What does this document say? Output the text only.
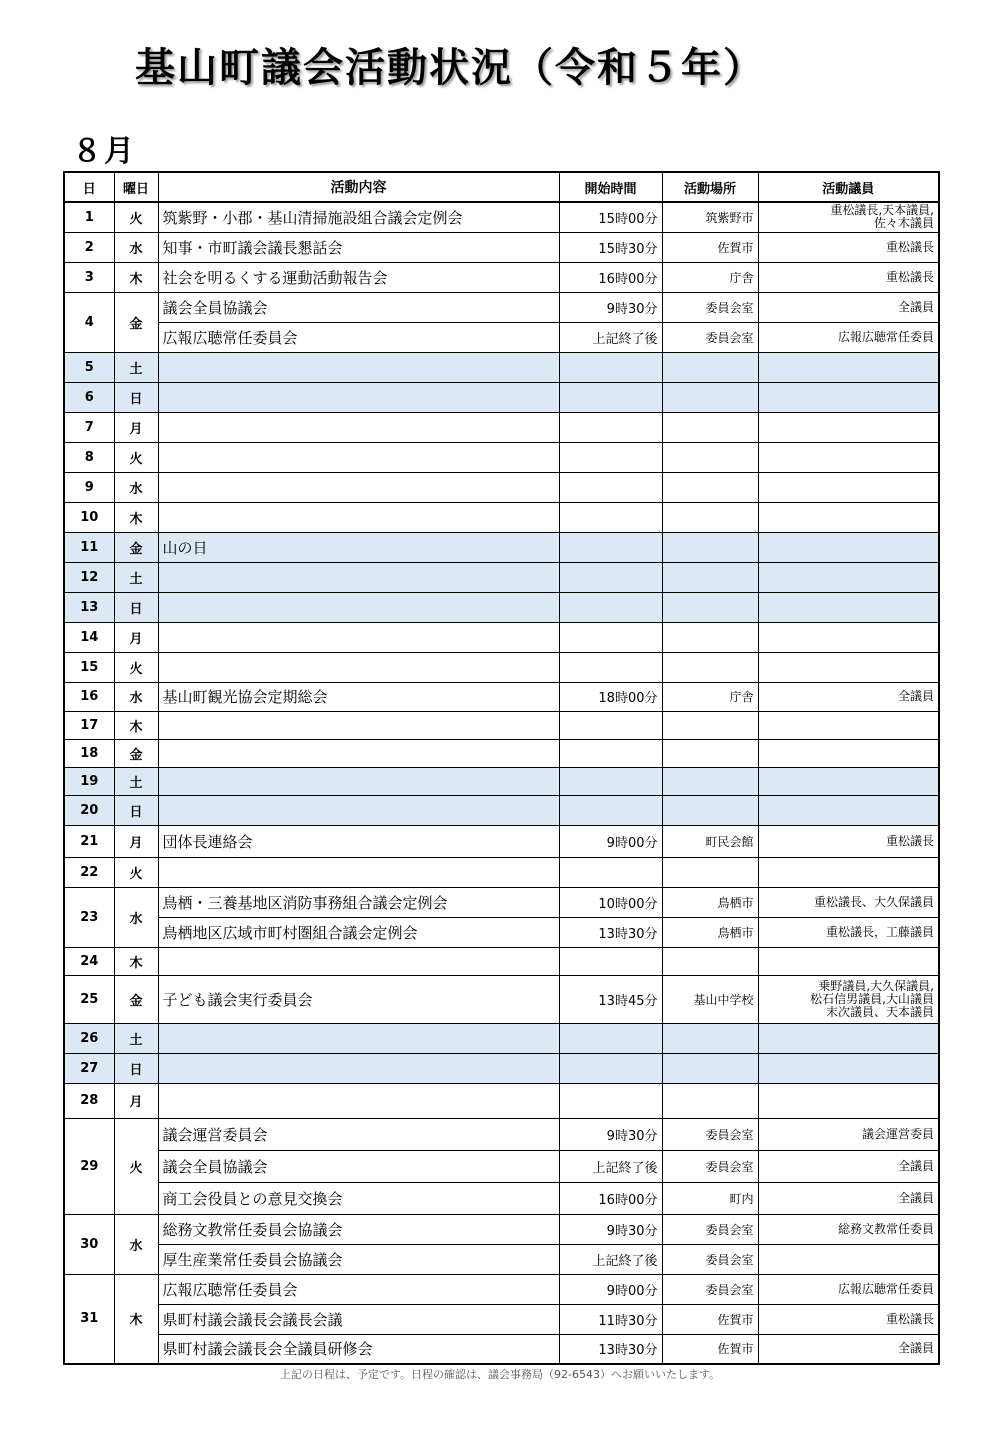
基山町議会活動状況（令和５年）
８月
日	曜日	活動内容	開始時間	活動場所	活動議員
1	火	筑紫野・小郡・基山清掃施設組合議会定例会	15時00分	筑紫野市	重松議長,天本議員,
佐々木議員
2	水	知事・市町議会議長懇話会	15時30分	佐賀市	重松議長
3	木	社会を明るくする運動活動報告会	16時00分	庁舎	重松議長
4	金	議会全員協議会	9時30分	委員会室	全議員
		広報広聴常任委員会	上記終了後	委員会室	広報広聴常任委員
5	土				
6	日				
7	月				
8	火				
9	水				
10	木				
11	金	山の日			
12	土				
13	日				
14	月				
15	火				
16	水	基山町観光協会定期総会	18時00分	庁舎	全議員
17	木				
18	金				
19	土				
20	日				
21	月	団体長連絡会	9時00分	町民会館	重松議長
22	火				
23	水	鳥栖・三養基地区消防事務組合議会定例会	10時00分	鳥栖市	重松議長、大久保議員
		鳥栖地区広域市町村圏組合議会定例会	13時30分	鳥栖市	重松議長，工藤議員
24	木				
25	金	子ども議会実行委員会	13時45分	基山中学校	乗野議員,大久保議員,
松石信男議員,大山議員
末次議員、天本議員
26	土				
27	日				
28	月				
29	火	議会運営委員会	9時30分	委員会室	議会運営委員
		議会全員協議会	上記終了後	委員会室	全議員
		商工会役員との意見交換会	16時00分	町内	全議員
30	水	総務文教常任委員会協議会	9時30分	委員会室	総務文教常任委員
		厚生産業常任委員会協議会	上記終了後	委員会室	
31	木	広報広聴常任委員会	9時00分	委員会室	広報広聴常任委員
		県町村議会議長会議長会議	11時30分	佐賀市	重松議長
		県町村議会議長会全議員研修会	13時30分	佐賀市	全議員
上記の日程は、予定です。日程の確認は、議会事務局（92-6543）へお願いいたします。
